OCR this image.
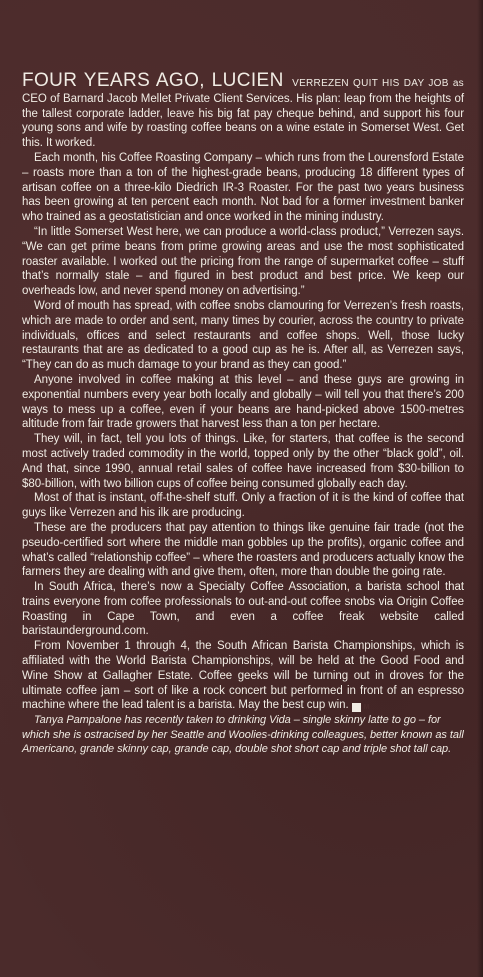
FOUR YEARS AGO, LUCIEN VERREZEN QUIT HIS DAY JOB as CEO of Barnard Jacob Mellet Private Client Services. His plan: leap from the heights of the tallest corporate ladder, leave his big fat pay cheque behind, and support his four young sons and wife by roasting coffee beans on a wine estate in Somerset West. Get this. It worked.

Each month, his Coffee Roasting Company – which runs from the Lourensford Estate – roasts more than a ton of the highest-grade beans, producing 18 different types of artisan coffee on a three-kilo Diedrich IR-3 Roaster. For the past two years business has been growing at ten percent each month. Not bad for a former investment banker who trained as a geostatistician and once worked in the mining industry.

“In little Somerset West here, we can produce a world-class product,” Verrezen says. “We can get prime beans from prime growing areas and use the most sophisticated roaster available. I worked out the pricing from the range of supermarket coffee – stuff that’s normally stale – and figured in best product and best price. We keep our overheads low, and never spend money on advertising.”

Word of mouth has spread, with coffee snobs clamouring for Verrezen’s fresh roasts, which are made to order and sent, many times by courier, across the country to private individuals, offices and select restaurants and coffee shops. Well, those lucky restaurants that are as dedicated to a good cup as he is. After all, as Verrezen says, “They can do as much damage to your brand as they can good.”

Anyone involved in coffee making at this level – and these guys are growing in exponential numbers every year both locally and globally – will tell you that there’s 200 ways to mess up a coffee, even if your beans are hand-picked above 1500-metres altitude from fair trade growers that harvest less than a ton per hectare.

They will, in fact, tell you lots of things. Like, for starters, that coffee is the second most actively traded commodity in the world, topped only by the other “black gold”, oil. And that, since 1990, annual retail sales of coffee have increased from $30-billion to $80-billion, with two billion cups of coffee being consumed globally each day.

Most of that is instant, off-the-shelf stuff. Only a fraction of it is the kind of coffee that guys like Verrezen and his ilk are producing.

These are the producers that pay attention to things like genuine fair trade (not the pseudo-certified sort where the middle man gobbles up the profits), organic coffee and what’s called “relationship coffee” – where the roasters and producers actually know the farmers they are dealing with and give them, often, more than double the going rate.

In South Africa, there’s now a Specialty Coffee Association, a barista school that trains everyone from coffee professionals to out-and-out coffee snobs via Origin Coffee Roasting in Cape Town, and even a coffee freak website called baristaunderground.com.

From November 1 through 4, the South African Barista Championships, which is affiliated with the World Barista Championships, will be held at the Good Food and Wine Show at Gallagher Estate. Coffee geeks will be turning out in droves for the ultimate coffee jam – sort of like a rock concert but performed in front of an espresso machine where the lead talent is a barista. May the best cup win. M

Tanya Pampalone has recently taken to drinking Vida – single skinny latte to go – for which she is ostracised by her Seattle and Woolies-drinking colleagues, better known as tall Americano, grande skinny cap, grande cap, double shot short cap and triple shot tall cap.
